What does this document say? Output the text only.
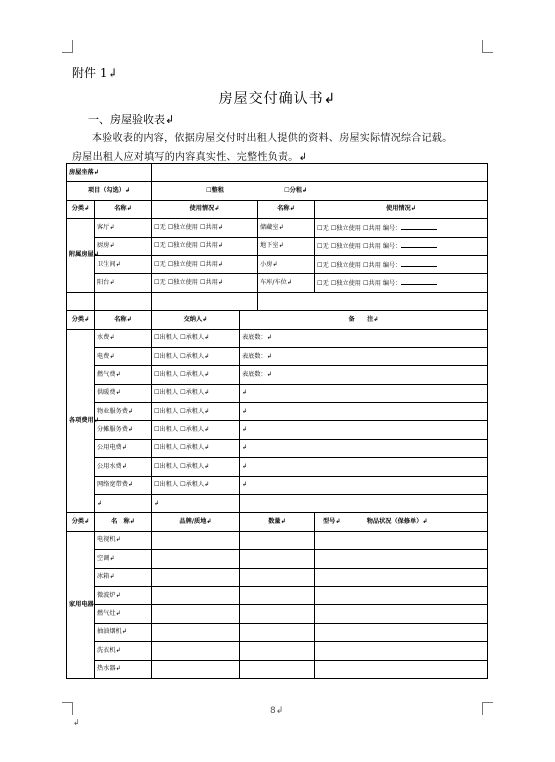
附件 1↲
房屋交付确认书↲
一、房屋验收表↲
本验收表的内容，依据房屋交付时出租人提供的资料、房屋实际情况综合记载。
房屋出租人应对填写的内容真实性、完整性负责。↲
房屋坐落↲					
项目（勾选）↲		☐整租 ☐分租↲			
分类↲	名称↲	使用情况↲		名称↲	使用情况↲
附属房屋↲	客厅↲	☐无 ☐独立使用 ☐共用↲		储藏室↲	☐无 ☐独立使用 ☐共用 编号：
	厨房↲	☐无 ☐独立使用 ☐共用↲		地下室↲	☐无 ☐独立使用 ☐共用 编号：
	卫生间↲	☐无 ☐独立使用 ☐共用↲		小房↲	☐无 ☐独立使用 ☐共用 编号：
	阳台↲	☐无 ☐独立使用 ☐共用↲		车库/车位↲	☐无 ☐独立使用 ☐共用 编号：

分类↲	名称↲	交纳人↲	备　　注↲		
各项费用↲	水费↲	☐出租人 ☐承租人↲	表底数：↲		
	电费↲	☐出租人 ☐承租人↲	表底数：↲		
	燃气费↲	☐出租人 ☐承租人↲	表底数：↲		
	供暖费↲	☐出租人 ☐承租人↲	↲		
	物业服务费↲	☐出租人 ☐承租人↲	↲		
	分摊服务费↲	☐出租人 ☐承租人↲	↲		
	公用电费↲	☐出租人 ☐承租人↲	↲		
	公用水费↲	☐出租人 ☐承租人↲	↲		
	网络宽带费↲	☐出租人 ☐承租人↲	↲		
	↲	↲			
分类↲	名　称↲	品牌/质地↲	数量↲		型号↲ 物品状况（保修单）↲
家用电器	电视机↲				
	空调↲				
	冰箱↲				
	微波炉↲				
	燃气灶↲				
	抽油烟机↲				
	洗衣机↲				
	热水器↲				
8↲
↲
